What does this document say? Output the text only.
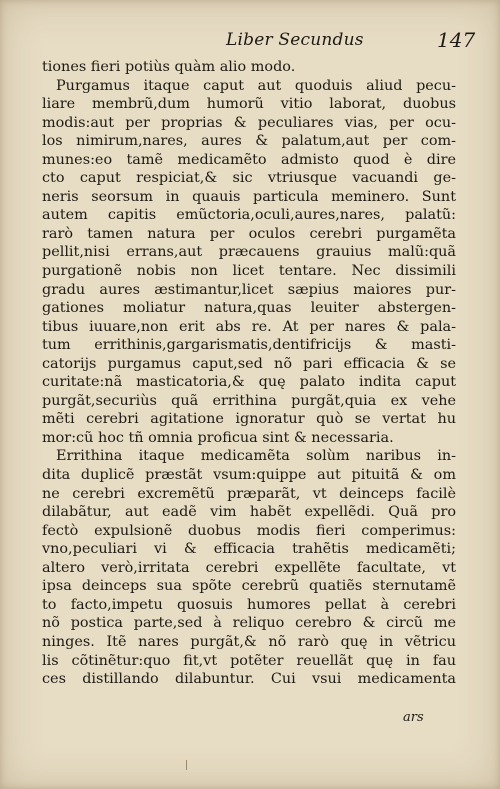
Liber Secundus	147
tiones fieri potiùs quàm alio modo.
Purgamus itaque caput aut quoduis aliud pecu-
liare membrũ,dum humorũ vitio laborat, duobus
modis:aut per proprias & peculiares vias, per ocu-
los nimirum,nares, aures & palatum,aut per com-
munes:eo tamẽ medicamẽto admisto quod è dire
cto caput respiciat,& sic vtriusque vacuandi ge-
neris seorsum in quauis particula meminero. Sunt
autem capitis emũctoria,oculi,aures,nares, palatũ:
rarò tamen natura per oculos cerebri purgamẽta
pellit,nisi errans,aut præcauens grauius malũ:quã
purgationẽ nobis non licet tentare. Nec dissimili
gradu aures æstimantur,licet sæpius maiores pur-
gationes moliatur natura,quas leuiter abstergen-
tibus iuuare,non erit abs re. At per nares & pala-
tum errithinis,gargarismatis,dentifricijs & masti-
catorijs purgamus caput,sed nõ pari efficacia & se
curitate:nã masticatoria,& quę palato indita caput
purgãt,securiùs quã errithina purgãt,quia ex vehe
mẽti cerebri agitatione ignoratur quò se vertat hu
mor:cũ hoc tñ omnia proficua sint & necessaria.
Errithina itaque medicamẽta solùm naribus in-
dita duplicẽ præstãt vsum:quippe aut pituitã & om
ne cerebri excremẽtũ præparãt, vt deinceps facilè
dilabãtur, aut eadẽ vim habẽt expellẽdi. Quã pro
fectò expulsionẽ duobus modis fieri comperimus:
vno,peculiari vi & efficacia trahẽtis medicamẽti;
altero verò,irritata cerebri expellẽte facultate, vt
ipsa deinceps sua spõte cerebrũ quatiẽs sternutamẽ
to facto,impetu quosuis humores pellat à cerebri
nõ posticа parte,sed à reliquo cerebro & circũ me
ninges. Itẽ nares purgãt,& nõ rarò quę in vẽtricu
lis cõtinẽtur:quo fit,vt potẽter reuellãt quę in fau
ces distillando dilabuntur. Cui vsui medicamenta
ars
